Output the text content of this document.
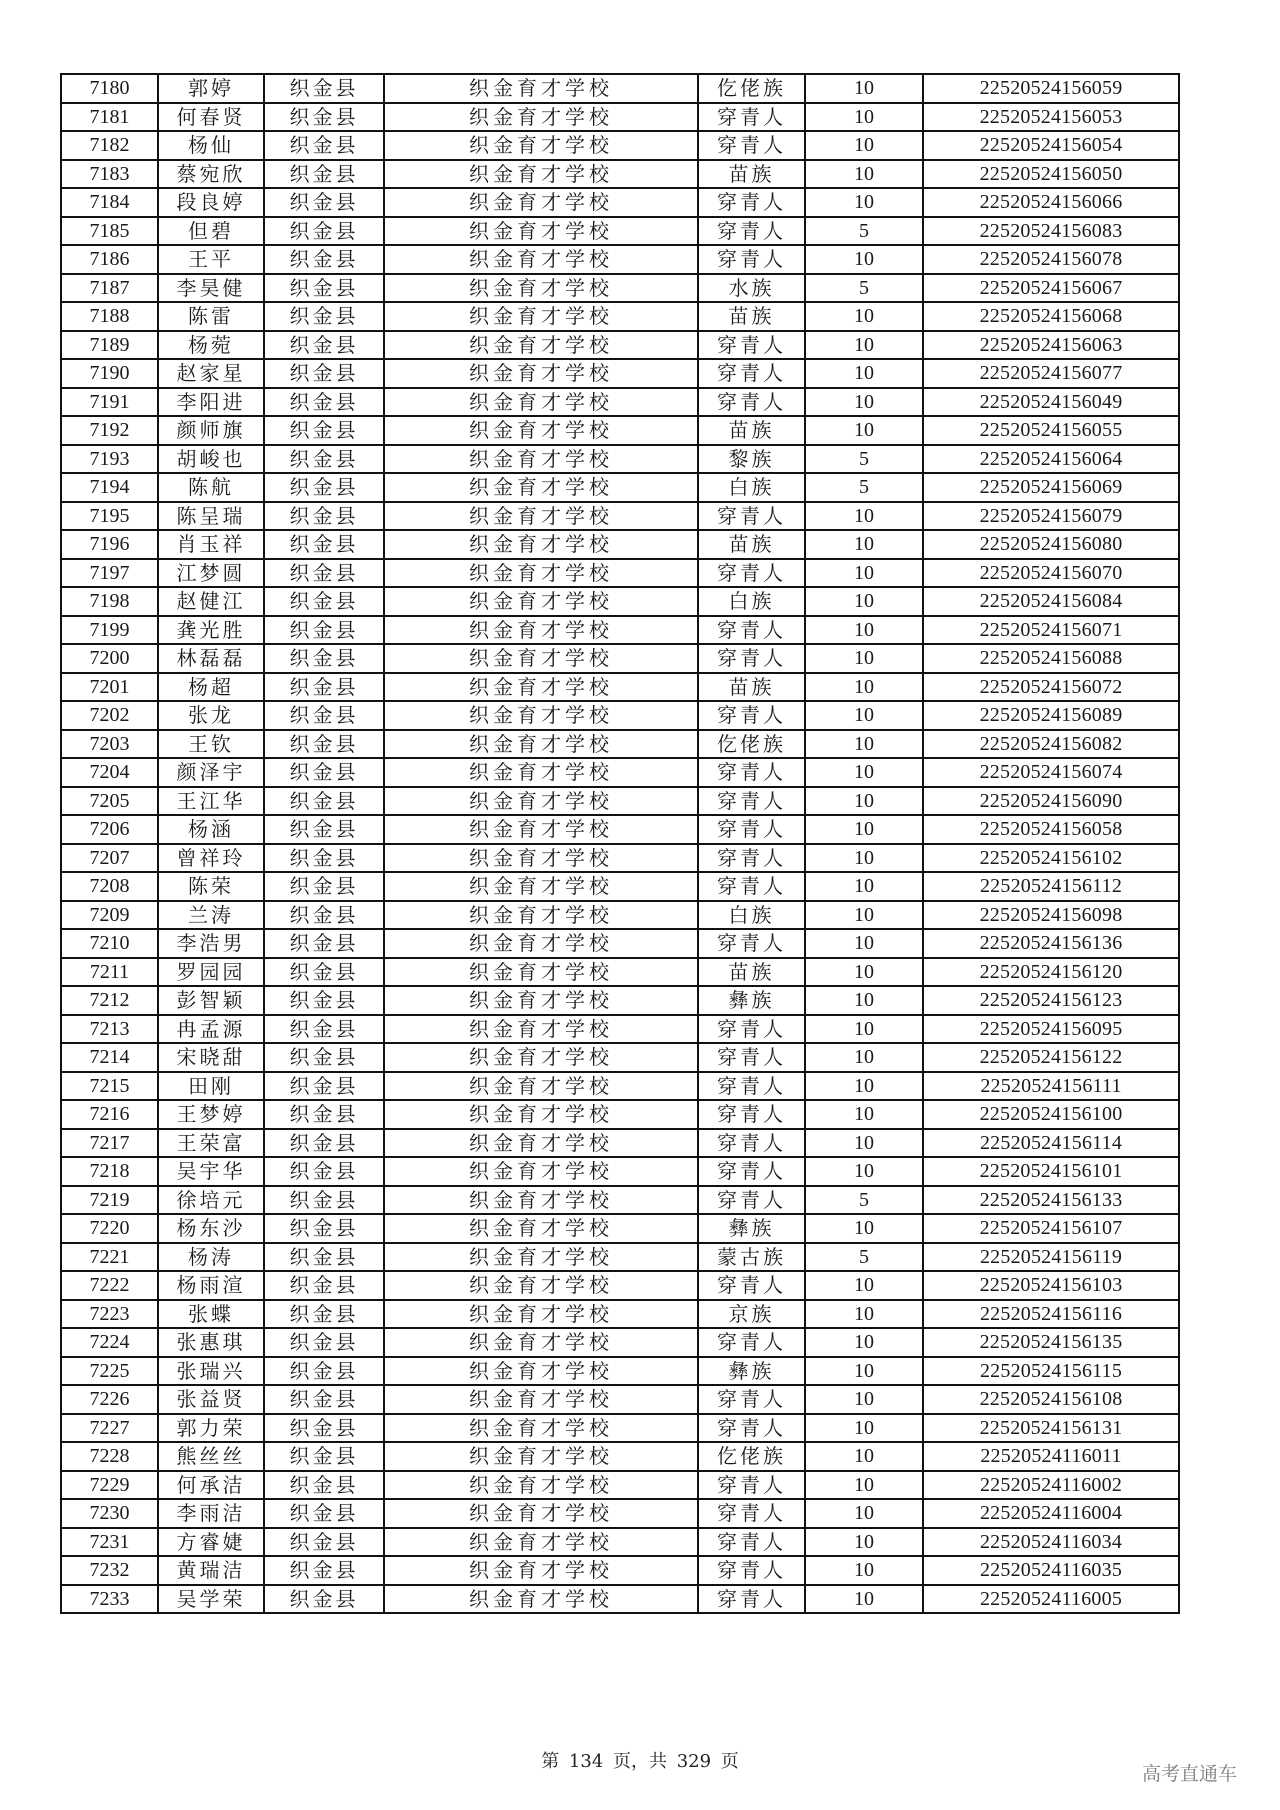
7180	郭婷	织金县	织金育才学校	仡佬族	10	22520524156059
7181	何春贤	织金县	织金育才学校	穿青人	10	22520524156053
7182	杨仙	织金县	织金育才学校	穿青人	10	22520524156054
7183	蔡宛欣	织金县	织金育才学校	苗族	10	22520524156050
7184	段良婷	织金县	织金育才学校	穿青人	10	22520524156066
7185	但碧	织金县	织金育才学校	穿青人	5	22520524156083
7186	王平	织金县	织金育才学校	穿青人	10	22520524156078
7187	李昊健	织金县	织金育才学校	水族	5	22520524156067
7188	陈雷	织金县	织金育才学校	苗族	10	22520524156068
7189	杨菀	织金县	织金育才学校	穿青人	10	22520524156063
7190	赵家星	织金县	织金育才学校	穿青人	10	22520524156077
7191	李阳进	织金县	织金育才学校	穿青人	10	22520524156049
7192	颜师旗	织金县	织金育才学校	苗族	10	22520524156055
7193	胡峻也	织金县	织金育才学校	黎族	5	22520524156064
7194	陈航	织金县	织金育才学校	白族	5	22520524156069
7195	陈呈瑞	织金县	织金育才学校	穿青人	10	22520524156079
7196	肖玉祥	织金县	织金育才学校	苗族	10	22520524156080
7197	江梦圆	织金县	织金育才学校	穿青人	10	22520524156070
7198	赵健江	织金县	织金育才学校	白族	10	22520524156084
7199	龚光胜	织金县	织金育才学校	穿青人	10	22520524156071
7200	林磊磊	织金县	织金育才学校	穿青人	10	22520524156088
7201	杨超	织金县	织金育才学校	苗族	10	22520524156072
7202	张龙	织金县	织金育才学校	穿青人	10	22520524156089
7203	王钦	织金县	织金育才学校	仡佬族	10	22520524156082
7204	颜泽宇	织金县	织金育才学校	穿青人	10	22520524156074
7205	王江华	织金县	织金育才学校	穿青人	10	22520524156090
7206	杨涵	织金县	织金育才学校	穿青人	10	22520524156058
7207	曾祥玲	织金县	织金育才学校	穿青人	10	22520524156102
7208	陈荣	织金县	织金育才学校	穿青人	10	22520524156112
7209	兰涛	织金县	织金育才学校	白族	10	22520524156098
7210	李浩男	织金县	织金育才学校	穿青人	10	22520524156136
7211	罗园园	织金县	织金育才学校	苗族	10	22520524156120
7212	彭智颖	织金县	织金育才学校	彝族	10	22520524156123
7213	冉孟源	织金县	织金育才学校	穿青人	10	22520524156095
7214	宋晓甜	织金县	织金育才学校	穿青人	10	22520524156122
7215	田刚	织金县	织金育才学校	穿青人	10	22520524156111
7216	王梦婷	织金县	织金育才学校	穿青人	10	22520524156100
7217	王荣富	织金县	织金育才学校	穿青人	10	22520524156114
7218	吴宇华	织金县	织金育才学校	穿青人	10	22520524156101
7219	徐培元	织金县	织金育才学校	穿青人	5	22520524156133
7220	杨东沙	织金县	织金育才学校	彝族	10	22520524156107
7221	杨涛	织金县	织金育才学校	蒙古族	5	22520524156119
7222	杨雨渲	织金县	织金育才学校	穿青人	10	22520524156103
7223	张蝶	织金县	织金育才学校	京族	10	22520524156116
7224	张惠琪	织金县	织金育才学校	穿青人	10	22520524156135
7225	张瑞兴	织金县	织金育才学校	彝族	10	22520524156115
7226	张益贤	织金县	织金育才学校	穿青人	10	22520524156108
7227	郭力荣	织金县	织金育才学校	穿青人	10	22520524156131
7228	熊丝丝	织金县	织金育才学校	仡佬族	10	22520524116011
7229	何承洁	织金县	织金育才学校	穿青人	10	22520524116002
7230	李雨洁	织金县	织金育才学校	穿青人	10	22520524116004
7231	方睿婕	织金县	织金育才学校	穿青人	10	22520524116034
7232	黄瑞洁	织金县	织金育才学校	穿青人	10	22520524116035
7233	吴学荣	织金县	织金育才学校	穿青人	10	22520524116005
第 134 页，共 329 页
高考直通车
